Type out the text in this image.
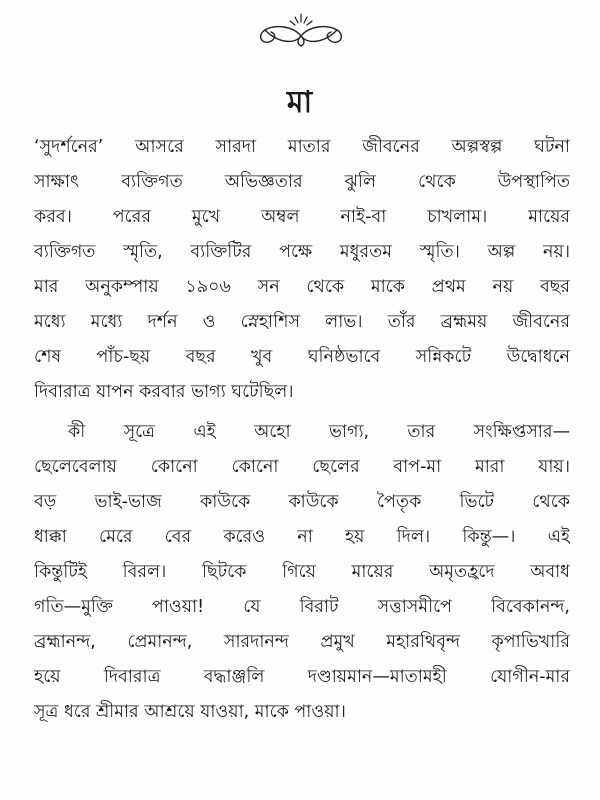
মা
‘সুদর্শনের’ আসরে সারদা মাতার জীবনের অল্পস্বল্প ঘটনা
সাক্ষাৎ ব্যক্তিগত অভিজ্ঞতার ঝুলি থেকে উপস্থাপিত
করব। পরের মুখে অম্বল নাই-বা চাখলাম। মায়ের
ব্যক্তিগত স্মৃতি, ব্যক্তিটির পক্ষে মধুরতম স্মৃতি। অল্প নয়।
মার অনুকম্পায় ১৯০৬ সন থেকে মাকে প্রথম নয় বছর
মধ্যে মধ্যে দর্শন ও স্নেহাশিস লাভ। তাঁর ব্রহ্মময় জীবনের
শেষ পাঁচ-ছয় বছর খুব ঘনিষ্ঠভাবে সন্নিকটে উদ্বোধনে
দিবারাত্র যাপন করবার ভাগ্য ঘটেছিল।
কী সূত্রে এই অহো ভাগ্য, তার সংক্ষিপ্তসার—
ছেলেবেলায় কোনো কোনো ছেলের বাপ-মা মারা যায়।
বড় ভাই-ভাজ কাউকে কাউকে পৈতৃক ভিটে থেকে
ধাক্কা মেরে বের করেও না হয় দিল। কিন্তু—। এই
কিন্তুটিই বিরল। ছিটকে গিয়ে মায়ের অমৃতহ্রদে অবাধ
গতি—মুক্তি পাওয়া! যে বিরাট সত্তাসমীপে বিবেকানন্দ,
ব্রহ্মানন্দ, প্রেমানন্দ, সারদানন্দ প্রমুখ মহারথিবৃন্দ কৃপাভিখারি
হয়ে দিবারাত্র বদ্ধাঞ্জলি দণ্ডায়মান—মাতামহী যোগীন-মার
সূত্র ধরে শ্রীমার আশ্রয়ে যাওয়া, মাকে পাওয়া।
